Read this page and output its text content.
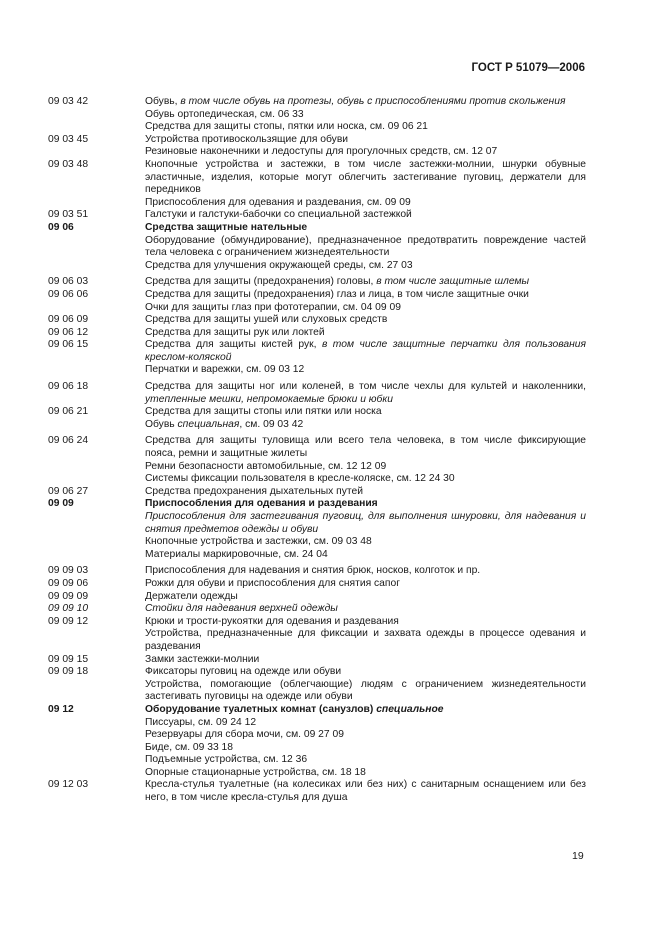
ГОСТ Р 51079—2006
09 03 42	Обувь, в том числе обувь на протезы, обувь с приспособлениями против скольжения
Обувь ортопедическая, см. 06 33
Средства для защиты стопы, пятки или носка, см. 09 06 21
09 03 45	Устройства противоскользящие для обуви
Резиновые наконечники и ледоступы для прогулочных средств, см. 12 07
09 03 48	Кнопочные устройства и застежки, в том числе застежки-молнии, шнурки обувные эластичные, изделия, которые могут облегчить застегивание пуговиц, держатели для передников
Приспособления для одевания и раздевания, см. 09 09
09 03 51	Галстуки и галстуки-бабочки со специальной застежкой
09 06	Средства защитные нательные
Оборудование (обмундирование), предназначенное предотвратить повреждение частей тела человека с ограничением жизнедеятельности
Средства для улучшения окружающей среды, см. 27 03
09 06 03	Средства для защиты (предохранения) головы, в том числе защитные шлемы
09 06 06	Средства для защиты (предохранения) глаз и лица, в том числе защитные очки
Очки для защиты глаз при фототерапии, см. 04 09 09
09 06 09	Средства для защиты ушей или слуховых средств
09 06 12	Средства для защиты рук или локтей
09 06 15	Средства для защиты кистей рук, в том числе защитные перчатки для пользования креслом-коляской
Перчатки и варежки, см. 09 03 12
09 06 18	Средства для защиты ног или коленей, в том числе чехлы для культей и наколенники, утепленные мешки, непромокаемые брюки и юбки
09 06 21	Средства для защиты стопы или пятки или носка
Обувь специальная, см. 09 03 42
09 06 24	Средства для защиты туловища или всего тела человека, в том числе фиксирующие пояса, ремни и защитные жилеты
Ремни безопасности автомобильные, см. 12 12 09
Системы фиксации пользователя в кресле-коляске, см. 12 24 30
09 06 27	Средства предохранения дыхательных путей
09 09	Приспособления для одевания и раздевания
Приспособления для застегивания пуговиц, для выполнения шнуровки, для надевания и снятия предметов одежды и обуви
Кнопочные устройства и застежки, см. 09 03 48
Материалы маркировочные, см. 24 04
09 09 03	Приспособления для надевания и снятия брюк, носков, колготок и пр.
09 09 06	Рожки для обуви и приспособления для снятия сапог
09 09 09	Держатели одежды
09 09 10	Стойки для надевания верхней одежды
09 09 12	Крюки и трости-рукоятки для одевания и раздевания
Устройства, предназначенные для фиксации и захвата одежды в процессе одевания и раздевания
09 09 15	Замки застежки-молнии
09 09 18	Фиксаторы пуговиц на одежде или обуви
Устройства, помогающие (облегчающие) людям с ограничением жизнедеятельности застегивать пуговицы на одежде или обуви
09 12	Оборудование туалетных комнат (санузлов) специальное
Писсуары, см. 09 24 12
Резервуары для сбора мочи, см. 09 27 09
Биде, см. 09 33 18
Подъемные устройства, см. 12 36
Опорные стационарные устройства, см. 18 18
09 12 03	Кресла-стулья туалетные (на колесиках или без них) с санитарным оснащением или без него, в том числе кресла-стулья для душа
19
